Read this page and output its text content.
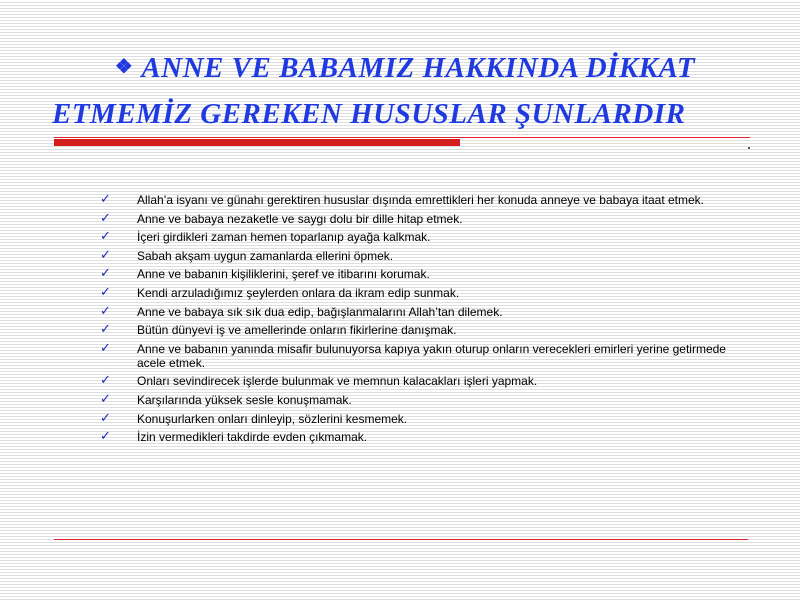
❖ ANNE VE BABAMIZ HAKKINDA DİKKAT
ETMEMİZ GEREKEN HUSUSLAR ŞUNLARDIR
✓ Allah’a isyanı ve günahı gerektiren hususlar dışında emrettikleri her konuda anneye ve babaya itaat etmek.
✓ Anne ve babaya nezaketle ve saygı dolu bir dille hitap etmek.
✓ İçeri girdikleri zaman hemen toparlanıp ayağa kalkmak.
✓ Sabah akşam uygun zamanlarda ellerini öpmek.
✓ Anne ve babanın kişiliklerini, şeref ve itibarını korumak.
✓ Kendi arzuladığımız şeylerden onlara da ikram edip sunmak.
✓ Anne ve babaya sık sık dua edip, bağışlanmalarını Allah’tan dilemek.
✓ Bütün dünyevi iş ve amellerinde onların fikirlerine danışmak.
✓ Anne ve babanın yanında misafir bulunuyorsa kapıya yakın oturup onların verecekleri emirleri yerine getirmede acele etmek.
✓ Onları sevindirecek işlerde bulunmak ve memnun kalacakları işleri yapmak.
✓ Karşılarında yüksek sesle konuşmamak.
✓ Konuşurlarken onları dinleyip, sözlerini kesmemek.
✓ İzin vermedikleri takdirde evden çıkmamak.
